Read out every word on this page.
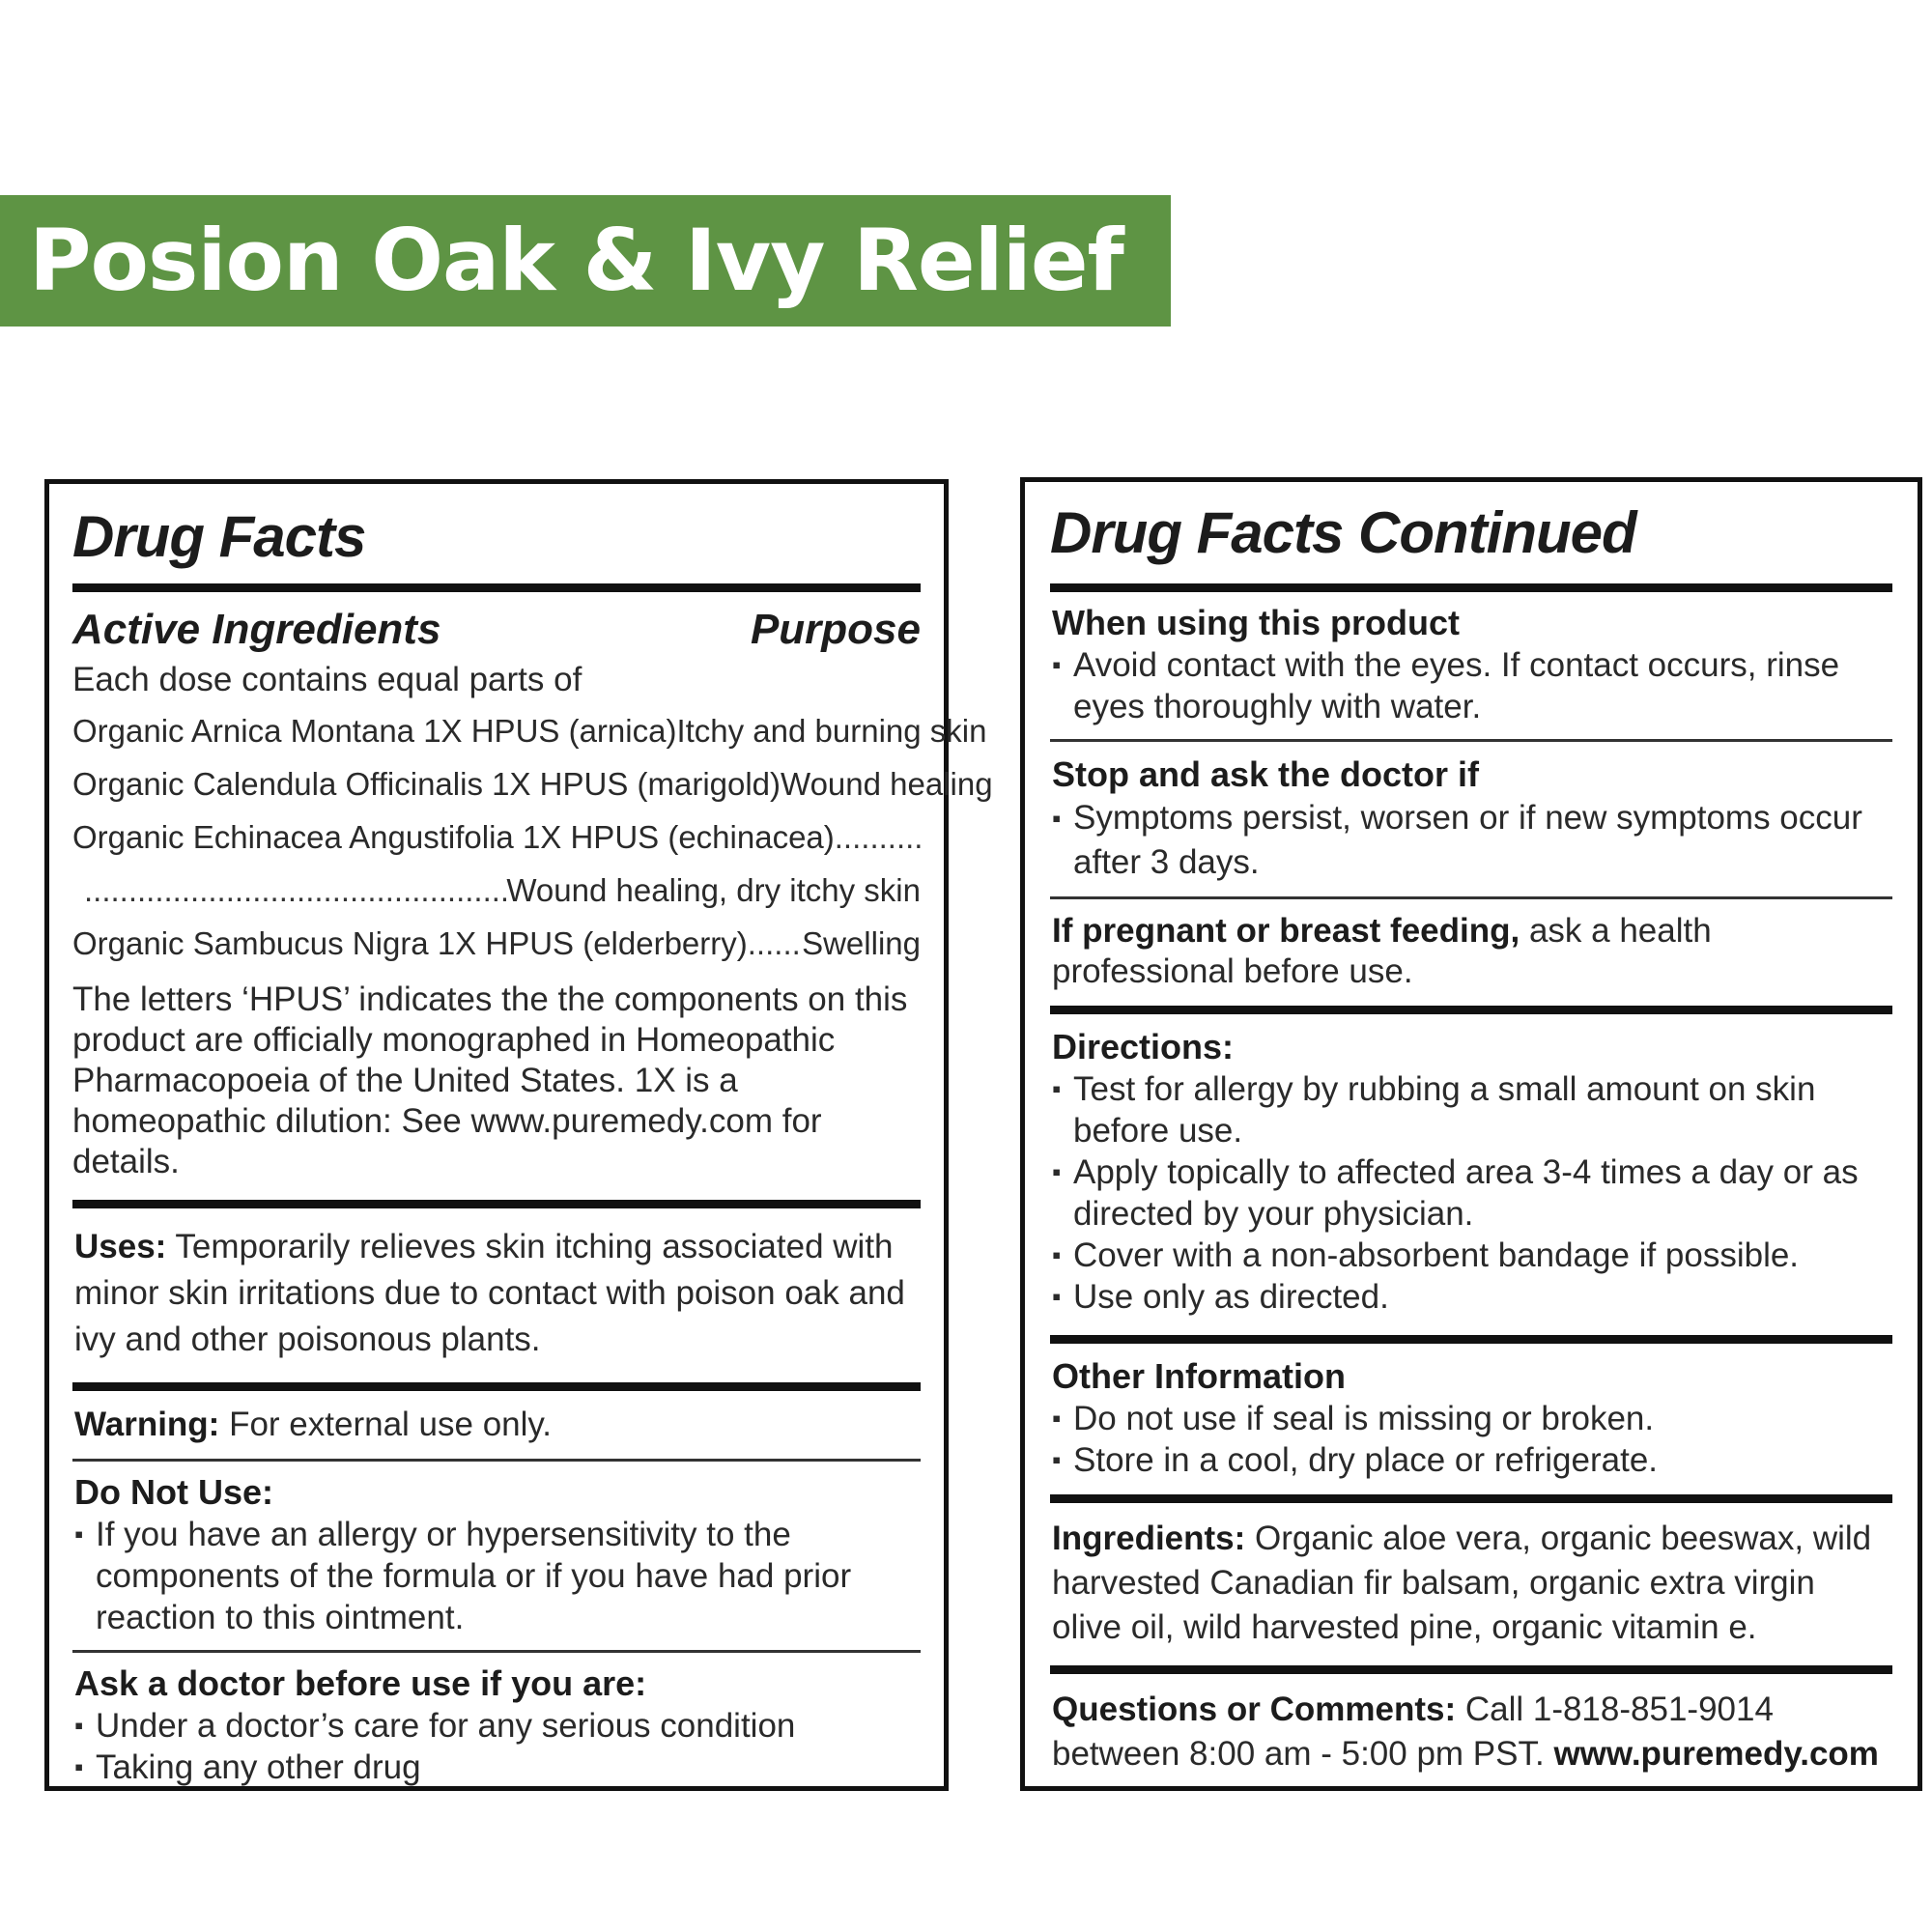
Posion Oak & Ivy Relief
Drug Facts
Active Ingredients	Purpose
Each dose contains equal parts of
Organic Arnica Montana 1X HPUS (arnica) Itchy and burning skin
Organic Calendula Officinalis 1X HPUS (marigold) Wound healing
Organic Echinacea Angustifolia 1X HPUS (echinacea)
.....
.....
Wound healing, dry itchy skin
Organic Sambucus Nigra 1X HPUS (elderberry)
..... Swelling
The letters ‘HPUS’ indicates the the components on this product are officially monographed in Homeopathic Pharmacopoeia of the United States. 1X is a homeopathic dilution: See www.puremedy.com for details.
Uses: Temporarily relieves skin itching associated with minor skin irritations due to contact with poison oak and ivy and other poisonous plants.
Warning: For external use only.
Do Not Use:
▪ If you have an allergy or hypersensitivity to the components of the formula or if you have had prior reaction to this ointment.
Ask a doctor before use if you are:
▪ Under a doctor’s care for any serious condition
▪ Taking any other drug
Drug Facts Continued
When using this product
▪ Avoid contact with the eyes. If contact occurs, rinse eyes thoroughly with water.
Stop and ask the doctor if
▪ Symptoms persist, worsen or if new symptoms occur after 3 days.
If pregnant or breast feeding, ask a health professional before use.
Directions:
▪ Test for allergy by rubbing a small amount on skin before use.
▪ Apply topically to affected area 3-4 times a day or as directed by your physician.
▪ Cover with a non-absorbent bandage if possible.
▪ Use only as directed.
Other Information
▪ Do not use if seal is missing or broken.
▪ Store in a cool, dry place or refrigerate.
Ingredients: Organic aloe vera, organic beeswax, wild harvested Canadian fir balsam, organic extra virgin olive oil, wild harvested pine, organic vitamin e.
Questions or Comments: Call 1-818-851-9014 between 8:00 am - 5:00 pm PST. www.puremedy.com
